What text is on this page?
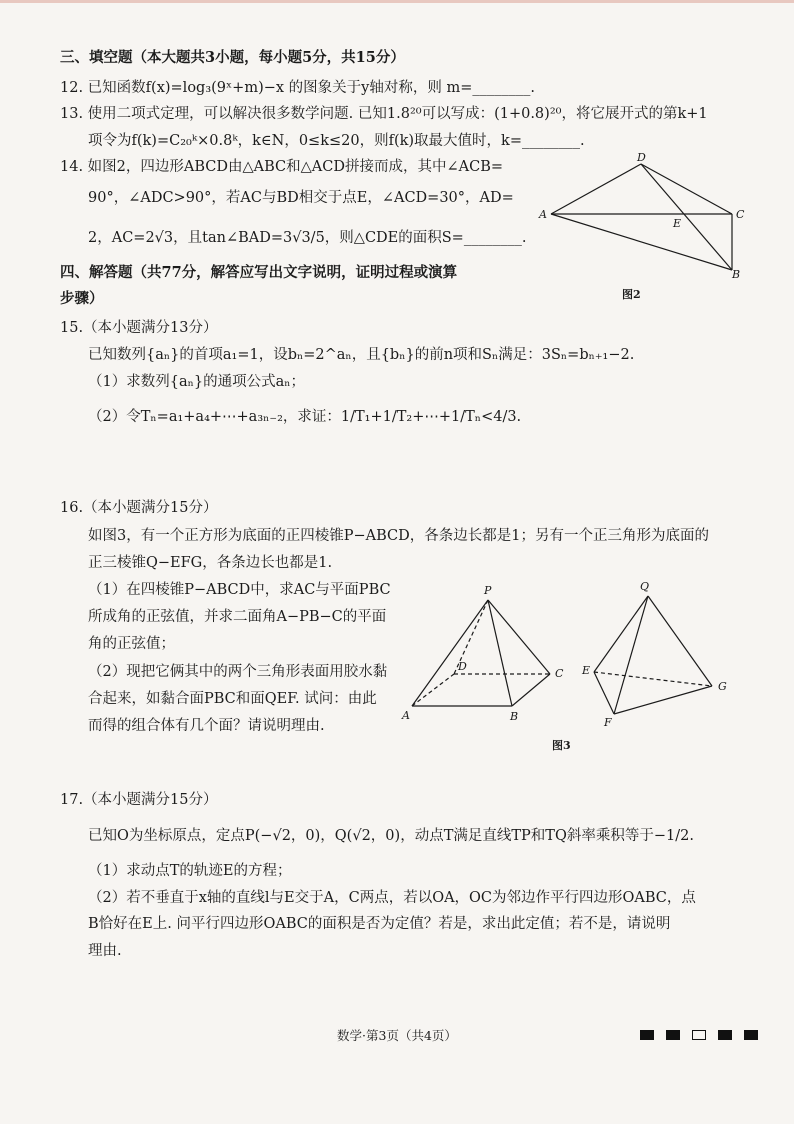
三、填空题（本大题共3小题，每小题5分，共15分）
12. 已知函数f(x)=log₃(9ˣ+m)−x 的图象关于y轴对称，则 m=________.
13. 使用二项式定理，可以解决很多数学问题. 已知1.8²⁰可以写成：(1+0.8)²⁰，将它展开式的第k+1
项令为f(k)=C₂₀ᵏ×0.8ᵏ，k∈N，0≤k≤20，则f(k)取最大值时，k=________.
14. 如图2，四边形ABCD由△ABC和△ACD拼接而成，其中∠ACB=
90°，∠ADC>90°，若AC与BD相交于点E，∠ACD=30°，AD=
2，AC=2√3，且tan∠BAD=3√3/5，则△CDE的面积S=________.
D
A	C
E
B
图2
四、解答题（共77分，解答应写出文字说明，证明过程或演算
步骤）
15.（本小题满分13分）
已知数列{aₙ}的首项a₁=1，设bₙ=2^aₙ，且{bₙ}的前n项和Sₙ满足：3Sₙ=bₙ₊₁−2.
（1）求数列{aₙ}的通项公式aₙ；
（2）令Tₙ=a₁+a₄+⋯+a₃ₙ₋₂，求证：1/T₁+1/T₂+⋯+1/Tₙ<4/3.
16.（本小题满分15分）
如图3，有一个正方形为底面的正四棱锥P−ABCD，各条边长都是1；另有一个正三角形为底面的
正三棱锥Q−EFG，各条边长也都是1.
（1）在四棱锥P−ABCD中，求AC与平面PBC
所成角的正弦值，并求二面角A−PB−C的平面
角的正弦值；
（2）现把它俩其中的两个三角形表面用胶水黏
合起来，如黏合面PBC和面QEF. 试问：由此
而得的组合体有几个面？请说明理由.
P
A	B
C
D
Q
E
F
G
图3
17.（本小题满分15分）
已知O为坐标原点，定点P(−√2，0)，Q(√2，0)，动点T满足直线TP和TQ斜率乘积等于−1/2.
（1）求动点T的轨迹E的方程；
（2）若不垂直于x轴的直线l与E交于A，C两点，若以OA，OC为邻边作平行四边形OABC，点
B恰好在E上. 问平行四边形OABC的面积是否为定值？若是，求出此定值；若不是，请说明
理由.
数学·第3页（共4页）
